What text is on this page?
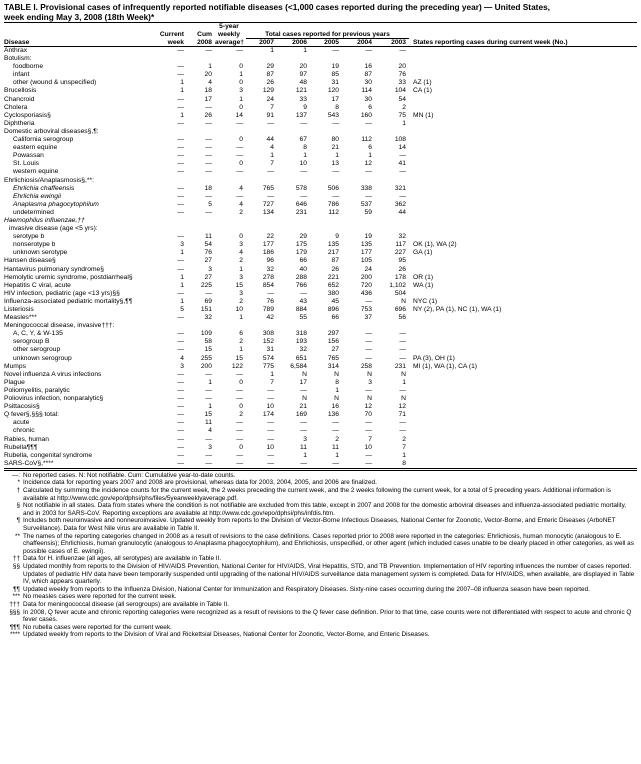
TABLE I. Provisional cases of infrequently reported notifiable diseases (<1,000 cases reported during the preceding year) — United States,
week ending May 3, 2008 (18th Week)*
			5-year						
	Current	Cum	weekly	Total cases reported for previous years					
Disease	week	2008	average†	2007	2006	2005	2004	2003	States reporting cases during current week (No.)
Anthrax	—	—	—	1	1	—	—	—	
Botulism:									
foodborne	—	1	0	29	20	19	16	20	
infant	—	20	1	87	97	85	87	76	
other (wound & unspecified)	1	4	0	26	48	31	30	33	AZ (1)
Brucellosis	1	18	3	129	121	120	114	104	CA (1)
Chancroid	—	17	1	24	33	17	30	54	
Cholera	—	—	0	7	9	8	6	2	
Cyclosporiasis§	1	26	14	91	137	543	160	75	MN (1)
Diphtheria	—	—	—	—	—	—	—	1	
Domestic arboviral diseases§,¶:									
California serogroup	—	—	0	44	67	80	112	108	
eastern equine	—	—	—	4	8	21	6	14	
Powassan	—	—	—	1	1	1	1	—	
St. Louis	—	—	0	7	10	13	12	41	
western equine	—	—	—	—	—	—	—	—	
Ehrlichiosis/Anaplasmosis§,**:									
Ehrlichia chaffeensis	—	18	4	765	578	506	338	321	
Ehrlichia ewingii	—	—	—	—	—	—	—	—	
Anaplasma phagocytophilum	—	5	4	727	646	786	537	362	
undetermined	—	—	2	134	231	112	59	44	
Haemophilus influenzae,††									
invasive disease (age <5 yrs):									
serotype b	—	11	0	22	29	9	19	32	
nonserotype b	3	54	3	177	175	135	135	117	OK (1), WA (2)
unknown serotype	1	76	4	186	179	217	177	227	GA (1)
Hansen disease§	—	27	2	96	66	87	105	95	
Hantavirus pulmonary syndrome§	—	3	1	32	40	26	24	26	
Hemolytic uremic syndrome, postdiarrheal§	1	27	3	278	288	221	200	178	OR (1)
Hepatitis C viral, acute	1	225	15	854	766	652	720	1,102	WA (1)
HIV infection, pediatric (age <13 yrs)§§	—	—	3	—	—	380	436	504	
Influenza-associated pediatric mortality§,¶¶	1	69	2	76	43	45	—	N	NYC (1)
Listeriosis	5	151	10	789	884	896	753	696	NY (2), PA (1), NC (1), WA (1)
Measles***	—	32	1	42	55	66	37	56	
Meningococcal disease, invasive†††:									
A, C, Y, & W-135	—	109	6	308	318	297	—	—	
serogroup B	—	58	2	152	193	156	—	—	
other serogroup	—	15	1	31	32	27	—	—	
unknown serogroup	4	255	15	574	651	765	—	—	PA (3), OH (1)
Mumps	3	200	122	775	6,584	314	258	231	MI (1), WA (1), CA (1)
Novel influenza A virus infections	—	—	—	1	N	N	N	N	
Plague	—	1	0	7	17	8	3	1	
Poliomyelitis, paralytic	—	—	—	—	—	1	—	—	
Poliovirus infection, nonparalytic§	—	—	—	—	N	N	N	N	
Psittacosis§	—	1	0	10	21	16	12	12	
Q fever§,§§§ total:	—	15	2	174	169	136	70	71	
acute	—	11	—	—	—	—	—	—	
chronic	—	4	—	—	—	—	—	—	
Rabies, human	—	—	—	—	3	2	7	2	
Rubella¶¶¶	—	3	0	10	11	11	10	7	
Rubella, congenital syndrome	—	—	—	—	1	1	—	1	
SARS-CoV§,****	—	—	—	—	—	—	—	8	
—: No reported cases. N: Not notifiable. Cum: Cumulative year-to-date counts.
* Incidence data for reporting years 2007 and 2008 are provisional, whereas data for 2003, 2004, 2005, and 2006 are finalized.
† Calculated by summing the incidence counts for the current week, the 2 weeks preceding the current week, and the 2 weeks following the current week, for a total of 5 preceding years. Additional information is available at http://www.cdc.gov/epo/dphsi/phs/files/5yearweeklyaverage.pdf.
§ Not notifiable in all states. Data from states where the condition is not notifiable are excluded from this table, except in 2007 and 2008 for the domestic arboviral diseases and influenza-associated pediatric mortality, and in 2003 for SARS-CoV. Reporting exceptions are available at http://www.cdc.gov/epo/dphsi/phs/infdis.htm.
¶ Includes both neuroinvasive and nonneuroinvasive. Updated weekly from reports to the Division of Vector-Borne Infectious Diseases, National Center for Zoonotic, Vector-Borne, and Enteric Diseases (ArboNET Surveillance). Data for West Nile virus are available in Table II.
** The names of the reporting categories changed in 2008 as a result of revisions to the case definitions. Cases reported prior to 2008 were reported in the categories: Ehrlichiosis, human monocytic (analogous to E. chaffeensis); Ehrlichiosis, human granulocytic (analogous to Anaplasma phagocytophilum), and Ehrlichiosis, unspecified, or other agent (which included cases unable to be clearly placed in other categories, as well as possible cases of E. ewingii).
†† Data for H. influenzae (all ages, all serotypes) are available in Table II.
§§ Updated monthly from reports to the Division of HIV/AIDS Prevention, National Center for HIV/AIDS, Viral Hepatitis, STD, and TB Prevention. Implementation of HIV reporting influences the number of cases reported. Updates of pediatric HIV data have been temporarily suspended until upgrading of the national HIV/AIDS surveillance data management system is completed. Data for HIV/AIDS, when available, are displayed in Table IV, which appears quarterly.
¶¶ Updated weekly from reports to the Influenza Division, National Center for Immunization and Respiratory Diseases. Sixty-nine cases occurring during the 2007–08 influenza season have been reported.
*** No measles cases were reported for the current week.
††† Data for meningococcal disease (all serogroups) are available in Table II.
§§§ In 2008, Q fever acute and chronic reporting categories were recognized as a result of revisions to the Q fever case definition. Prior to that time, case counts were not differentiated with respect to acute and chronic Q fever cases.
¶¶¶ No rubella cases were reported for the current week.
**** Updated weekly from reports to the Division of Viral and Rickettsial Diseases, National Center for Zoonotic, Vector-Borne, and Enteric Diseases.
